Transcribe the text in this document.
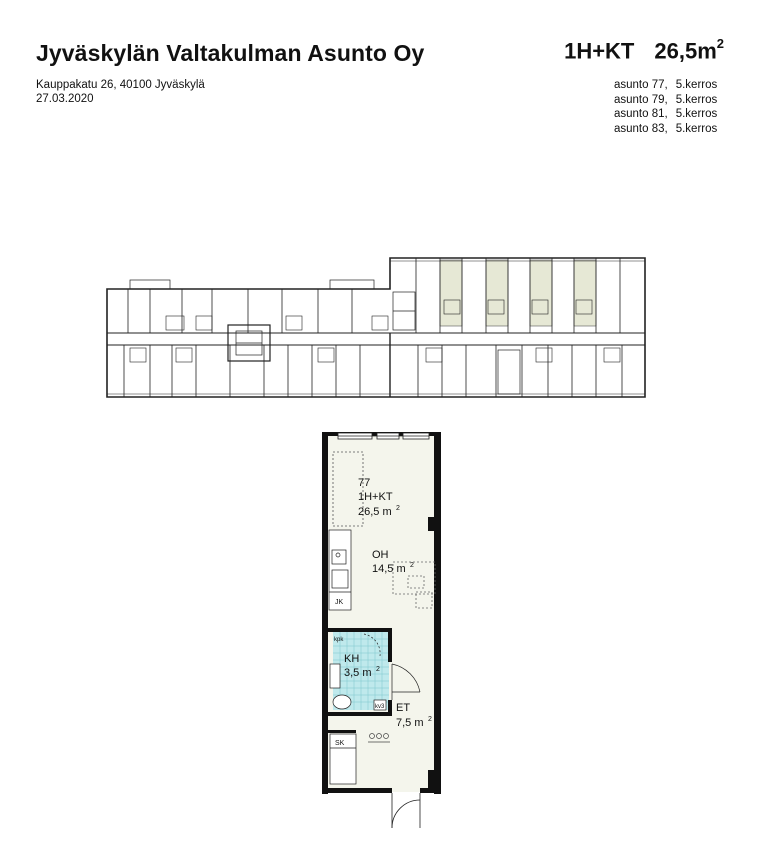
Jyväskylän Valtakulman Asunto Oy	1H+KT $26,5m^2$
Kauppakatu 26, 40100 Jyväskylä
27.03.2020
asunto 77, 5.kerros
asunto 79, 5.kerros
asunto 81, 5.kerros
asunto 83, 5.kerros
77
1H+KT
26,5 m 2
OH
14,5 m 2
KH
3,5 m 2
ET
7,5 m 2
JK
SK
kpk
kv3
